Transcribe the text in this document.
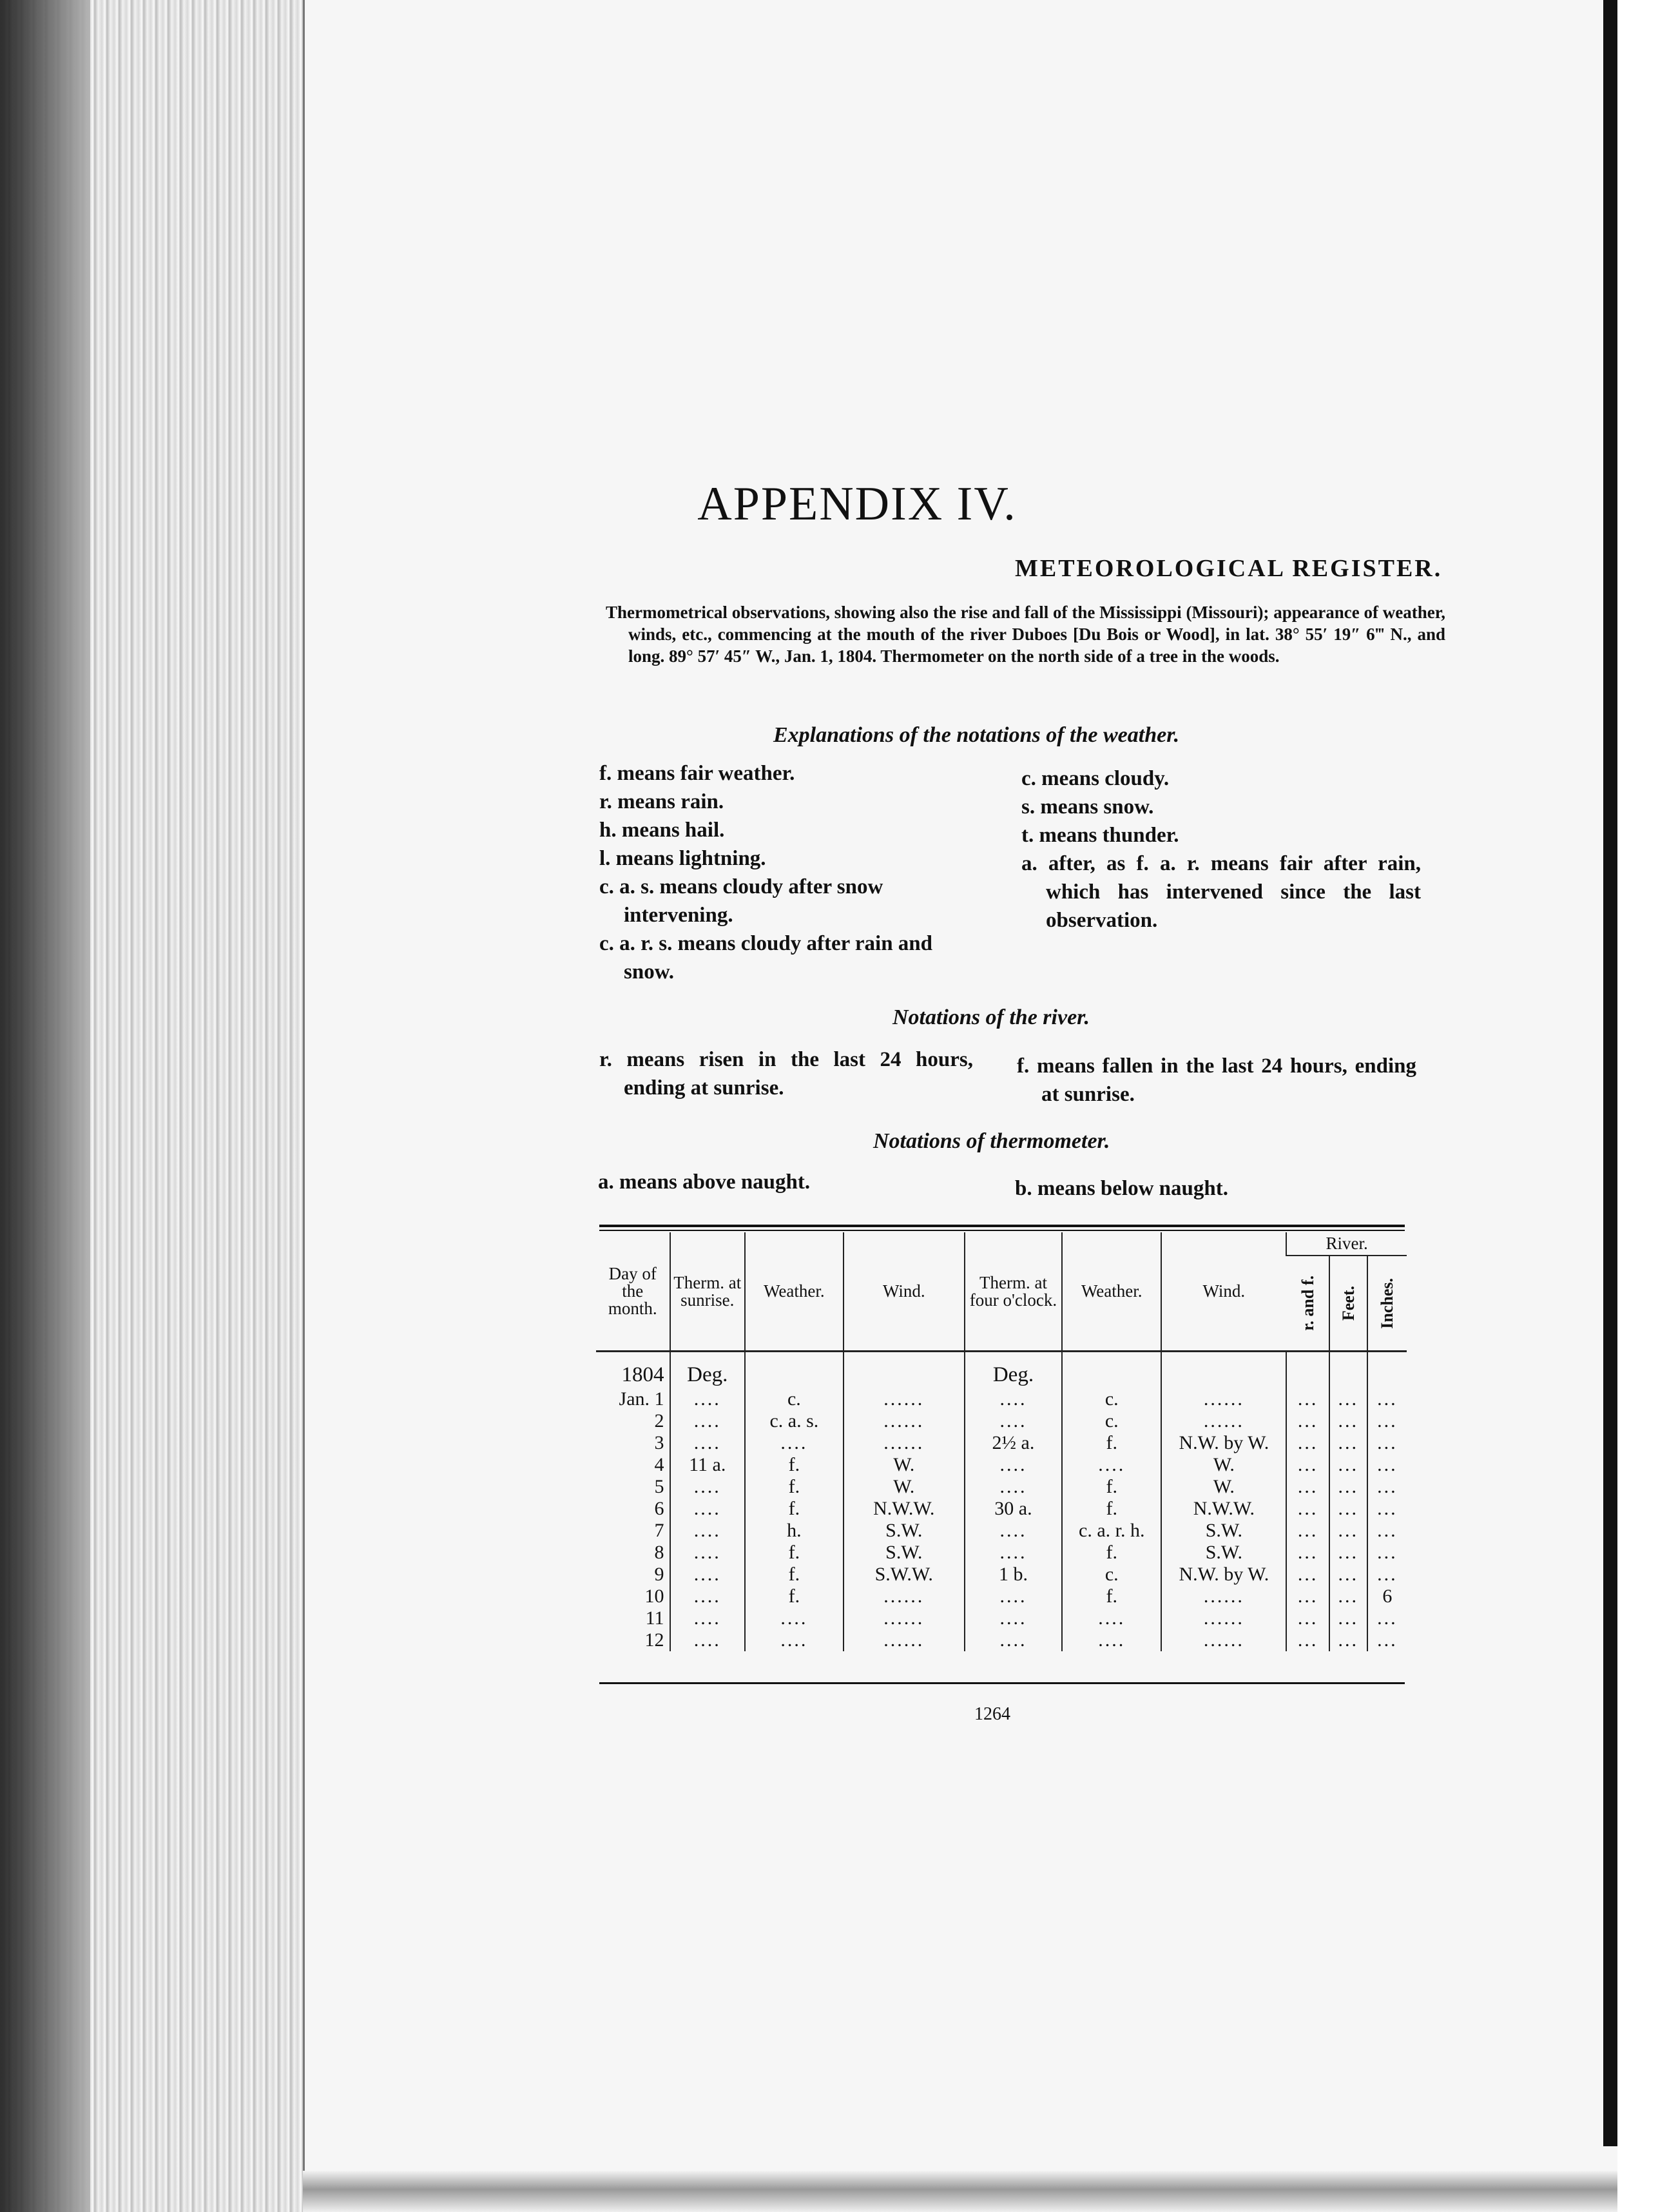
APPENDIX IV.
METEOROLOGICAL REGISTER.
Thermometrical observations, showing also the rise and fall of the Mississippi (Missouri); appearance of weather, winds, etc., commencing at the mouth of the river Duboes [Du Bois or Wood], in lat. 38° 55′ 19″ 6‴ N., and long. 89° 57′ 45″ W., Jan. 1, 1804. Thermometer on the north side of a tree in the woods.
Explanations of the notations of the weather.
f. means fair weather.
r. means rain.
h. means hail.
l. means lightning.
c. a. s. means cloudy after snow intervening.
c. a. r. s. means cloudy after rain and snow.
c. means cloudy.
s. means snow.
t. means thunder.
a. after, as f. a. r. means fair after rain, which has intervened since the last observation.
Notations of the river.
r. means risen in the last 24 hours, ending at sunrise.
f. means fallen in the last 24 hours, ending at sunrise.
Notations of thermometer.
a. means above naught.	b. means below naught.
Day of the month.	Therm. at sunrise.	Weather.	Wind.	Therm. at four o'clock.	Weather.	Wind.	River.		

							r. and f.	Feet.	Inches.

1804	Deg.			Deg.					
Jan. 1	....	c.	......	....	c.	......	...	...	...
2	....	c. a. s.	......	....	c.	......	...	...	...
3	....	....	......	2½ a.	f.	N.W. by W.	...	...	...
4	11 a.	f.	W.	....	....	W.	...	...	...
5	....	f.	W.	....	f.	W.	...	...	...
6	....	f.	N.W.W.	30 a.	f.	N.W.W.	...	...	...
7	....	h.	S.W.	....	c. a. r. h.	S.W.	...	...	...
8	....	f.	S.W.	....	f.	S.W.	...	...	...
9	....	f.	S.W.W.	1 b.	c.	N.W. by W.	...	...	...
10	....	f.	......	....	f.	......	...	...	6
11	....	....	......	....	....	......	...	...	...
12	....	....	......	....	....	......	...	...	...
1264
